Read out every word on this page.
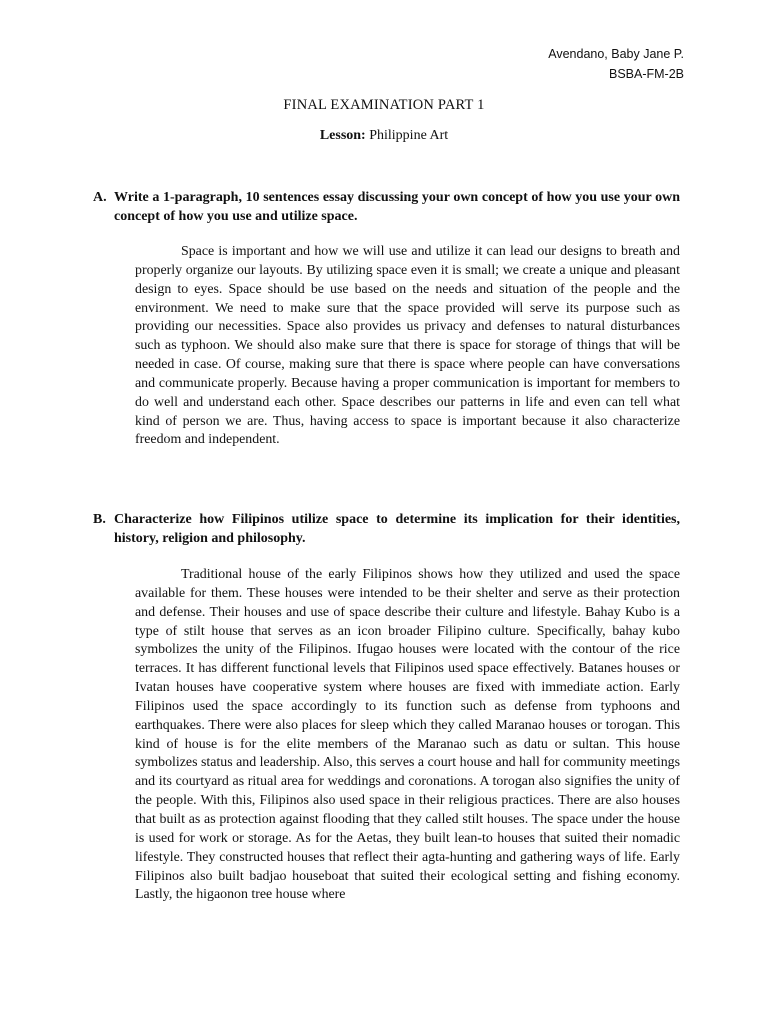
Avendano, Baby Jane P.
BSBA-FM-2B
FINAL EXAMINATION PART 1
Lesson: Philippine Art
A. Write a 1-paragraph, 10 sentences essay discussing your own concept of how you use your own concept of how you use and utilize space.

Space is important and how we will use and utilize it can lead our designs to breath and properly organize our layouts. By utilizing space even it is small; we create a unique and pleasant design to eyes. Space should be use based on the needs and situation of the people and the environment. We need to make sure that the space provided will serve its purpose such as providing our necessities. Space also provides us privacy and defenses to natural disturbances such as typhoon. We should also make sure that there is space for storage of things that will be needed in case. Of course, making sure that there is space where people can have conversations and communicate properly. Because having a proper communication is important for members to do well and understand each other. Space describes our patterns in life and even can tell what kind of person we are. Thus, having access to space is important because it also characterize freedom and independent.

B. Characterize how Filipinos utilize space to determine its implication for their identities, history, religion and philosophy.

Traditional house of the early Filipinos shows how they utilized and used the space available for them. These houses were intended to be their shelter and serve as their protection and defense. Their houses and use of space describe their culture and lifestyle. Bahay Kubo is a type of stilt house that serves as an icon broader Filipino culture. Specifically, bahay kubo symbolizes the unity of the Filipinos. Ifugao houses were located with the contour of the rice terraces. It has different functional levels that Filipinos used space effectively. Batanes houses or Ivatan houses have cooperative system where houses are fixed with immediate action. Early Filipinos used the space accordingly to its function such as defense from typhoons and earthquakes. There were also places for sleep which they called Maranao houses or torogan. This kind of house is for the elite members of the Maranao such as datu or sultan. This house symbolizes status and leadership. Also, this serves a court house and hall for community meetings and its courtyard as ritual area for weddings and coronations. A torogan also signifies the unity of the people. With this, Filipinos also used space in their religious practices. There are also houses that built as as protection against flooding that they called stilt houses. The space under the house is used for work or storage. As for the Aetas, they built lean-to houses that suited their nomadic lifestyle. They constructed houses that reflect their agta-hunting and gathering ways of life. Early Filipinos also built badjao houseboat that suited their ecological setting and fishing economy. Lastly, the higaonon tree house where
